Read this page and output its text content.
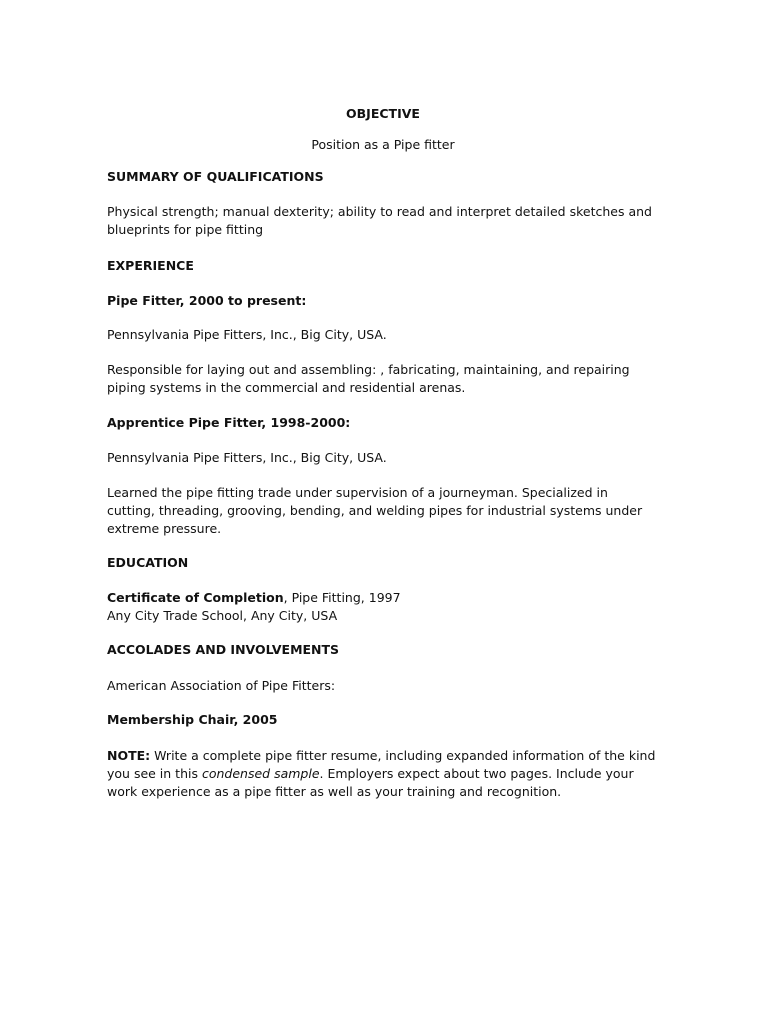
OBJECTIVE
Position as a Pipe fitter
SUMMARY OF QUALIFICATIONS
Physical strength; manual dexterity; ability to read and interpret detailed sketches and blueprints for pipe fitting
EXPERIENCE
Pipe Fitter, 2000 to present:
Pennsylvania Pipe Fitters, Inc., Big City, USA.
Responsible for laying out and assembling: , fabricating, maintaining, and repairing piping systems in the commercial and residential arenas.
Apprentice Pipe Fitter, 1998-2000:
Pennsylvania Pipe Fitters, Inc., Big City, USA.
Learned the pipe fitting trade under supervision of a journeyman. Specialized in cutting, threading, grooving, bending, and welding pipes for industrial systems under extreme pressure.
EDUCATION
Certificate of Completion, Pipe Fitting, 1997
Any City Trade School, Any City, USA
ACCOLADES AND INVOLVEMENTS
American Association of Pipe Fitters:
Membership Chair, 2005
NOTE: Write a complete pipe fitter resume, including expanded information of the kind you see in this condensed sample. Employers expect about two pages. Include your work experience as a pipe fitter as well as your training and recognition.
